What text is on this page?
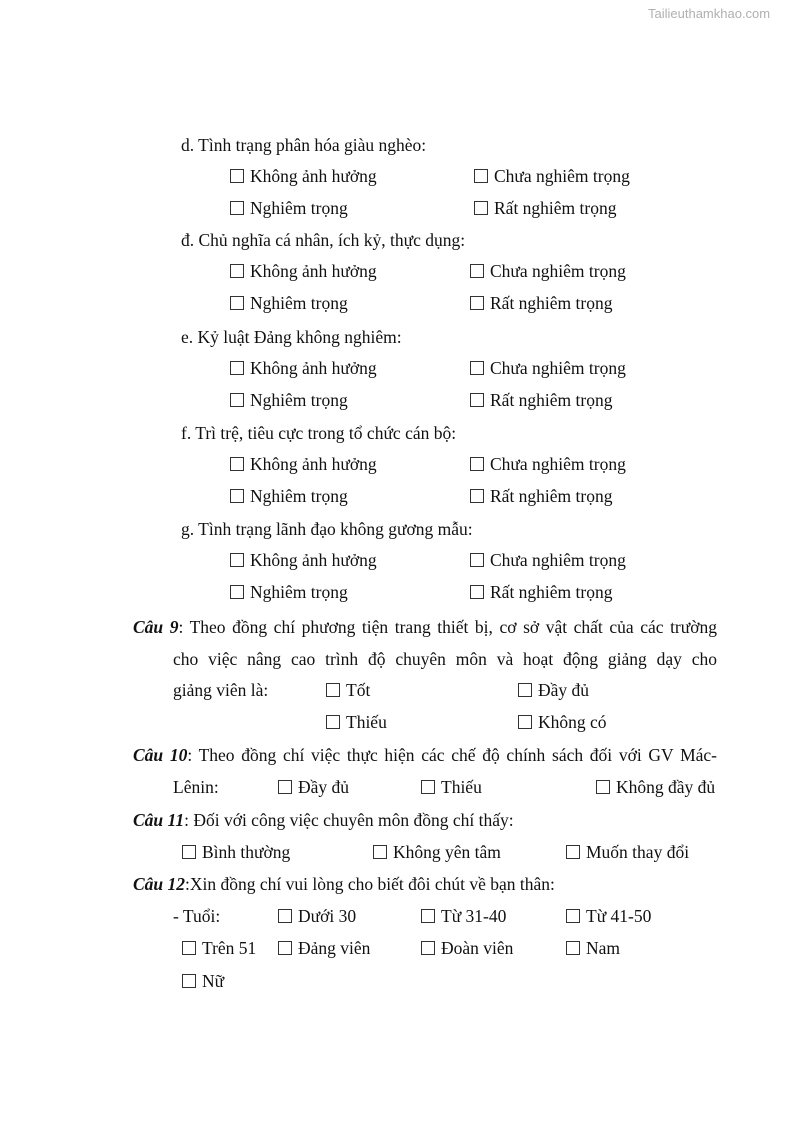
Tailieuthamkhao.com
d. Tình trạng phân hóa giàu nghèo:
Không ảnh hưởng	Chưa nghiêm trọng
Nghiêm trọng	Rất nghiêm trọng
đ. Chủ nghĩa cá nhân, ích kỷ, thực dụng:
Không ảnh hưởng	Chưa nghiêm trọng
Nghiêm trọng	Rất nghiêm trọng
e. Kỷ luật Đảng không nghiêm:
Không ảnh hưởng	Chưa nghiêm trọng
Nghiêm trọng	Rất nghiêm trọng
f. Trì trệ, tiêu cực trong tổ chức cán bộ:
Không ảnh hưởng	Chưa nghiêm trọng
Nghiêm trọng	Rất nghiêm trọng
g. Tình trạng lãnh đạo không gương mẫu:
Không ảnh hưởng	Chưa nghiêm trọng
Nghiêm trọng	Rất nghiêm trọng
Câu 9: Theo đồng chí phương tiện trang thiết bị, cơ sở vật chất của các trường
cho việc nâng cao trình độ chuyên môn và hoạt động giảng dạy cho
giảng viên là:	Tốt	Đầy đủ
Thiếu	Không có
Câu 10: Theo đồng chí việc thực hiện các chế độ chính sách đối với GV Mác-
Lênin:	Đầy đủ	Thiếu	Không đầy đủ
Câu 11: Đối với công việc chuyên môn đồng chí thấy:
Bình thường	Không yên tâm	Muốn thay đổi
Câu 12:Xin đồng chí vui lòng cho biết đôi chút về bạn thân:
- Tuổi:	Dưới 30	Từ 31-40	Từ 41-50
Trên 51	Đảng viên	Đoàn viên	Nam
Nữ
